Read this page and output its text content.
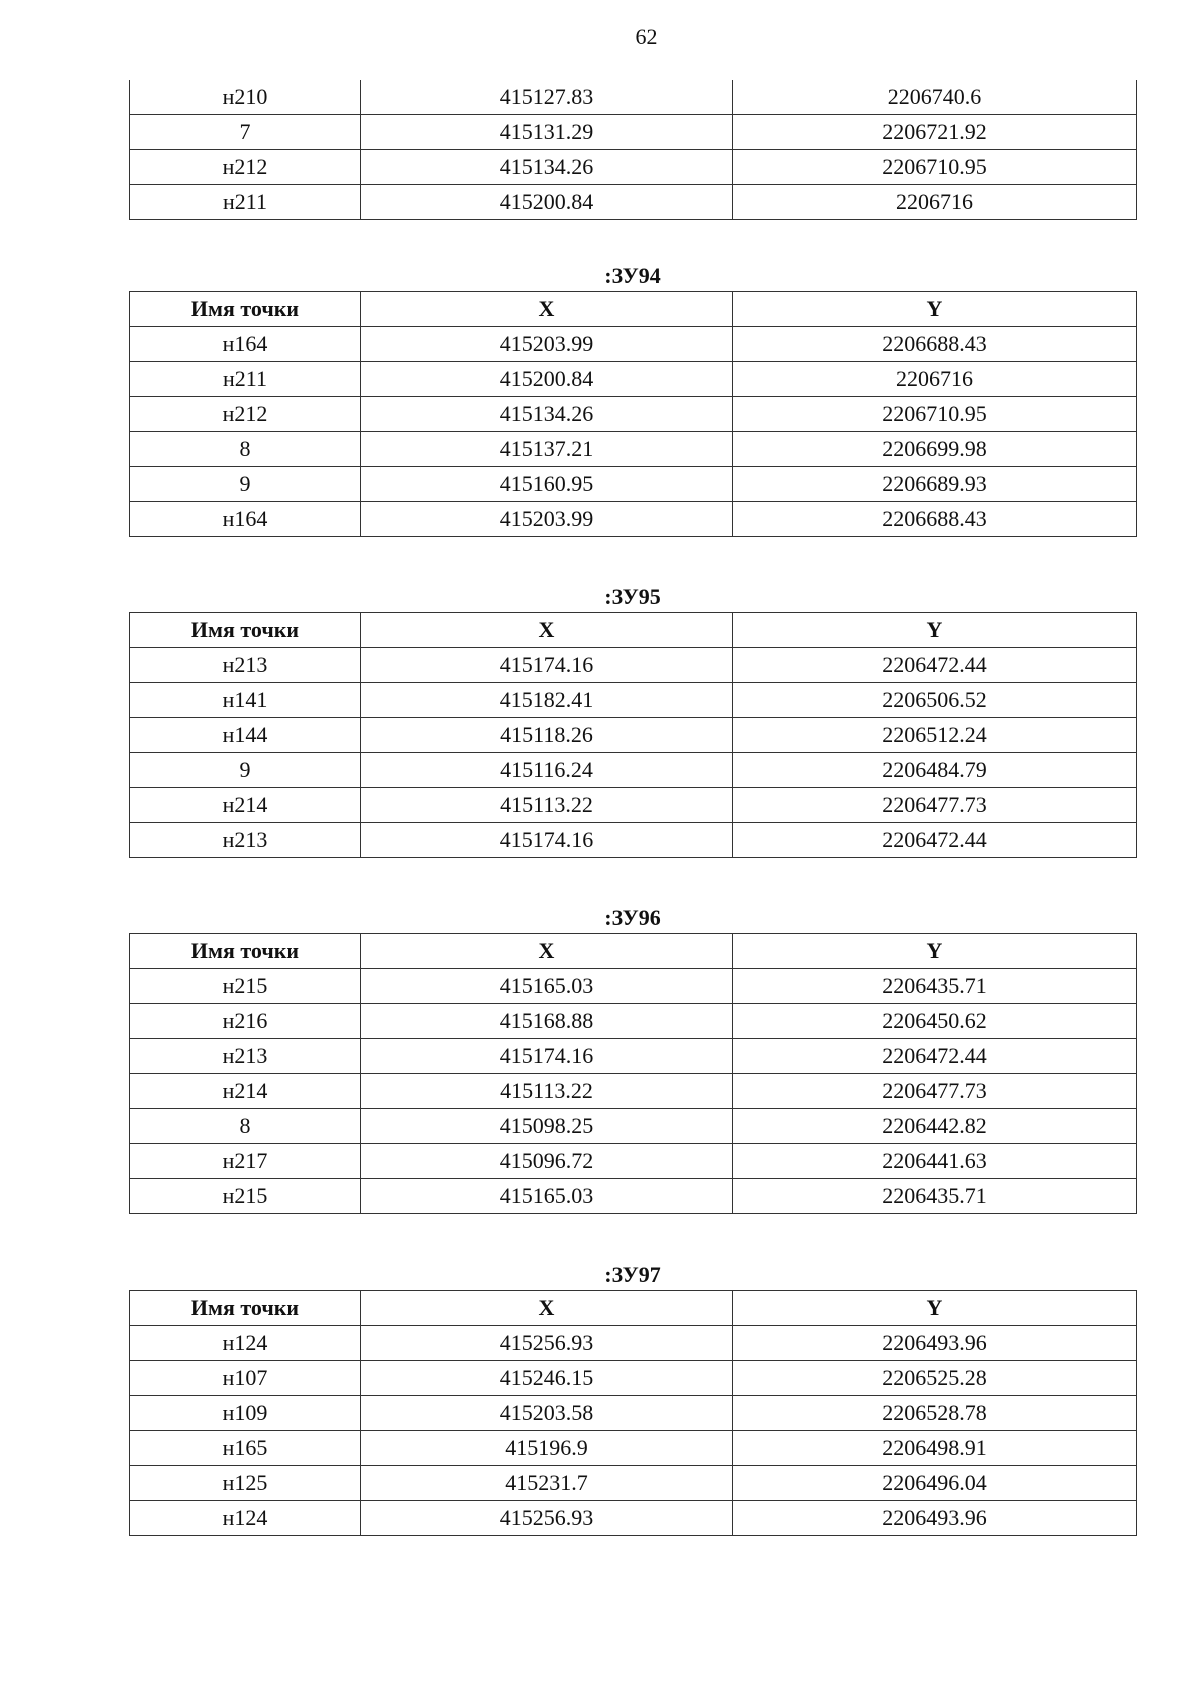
62
н210	415127.83	2206740.6
7	415131.29	2206721.92
н212	415134.26	2206710.95
н211	415200.84	2206716
:ЗУ94
Имя точки	X	Y
н164	415203.99	2206688.43
н211	415200.84	2206716
н212	415134.26	2206710.95
8	415137.21	2206699.98
9	415160.95	2206689.93
н164	415203.99	2206688.43
:ЗУ95
Имя точки	X	Y
н213	415174.16	2206472.44
н141	415182.41	2206506.52
н144	415118.26	2206512.24
9	415116.24	2206484.79
н214	415113.22	2206477.73
н213	415174.16	2206472.44
:ЗУ96
Имя точки	X	Y
н215	415165.03	2206435.71
н216	415168.88	2206450.62
н213	415174.16	2206472.44
н214	415113.22	2206477.73
8	415098.25	2206442.82
н217	415096.72	2206441.63
н215	415165.03	2206435.71
:ЗУ97
Имя точки	X	Y
н124	415256.93	2206493.96
н107	415246.15	2206525.28
н109	415203.58	2206528.78
н165	415196.9	2206498.91
н125	415231.7	2206496.04
н124	415256.93	2206493.96
